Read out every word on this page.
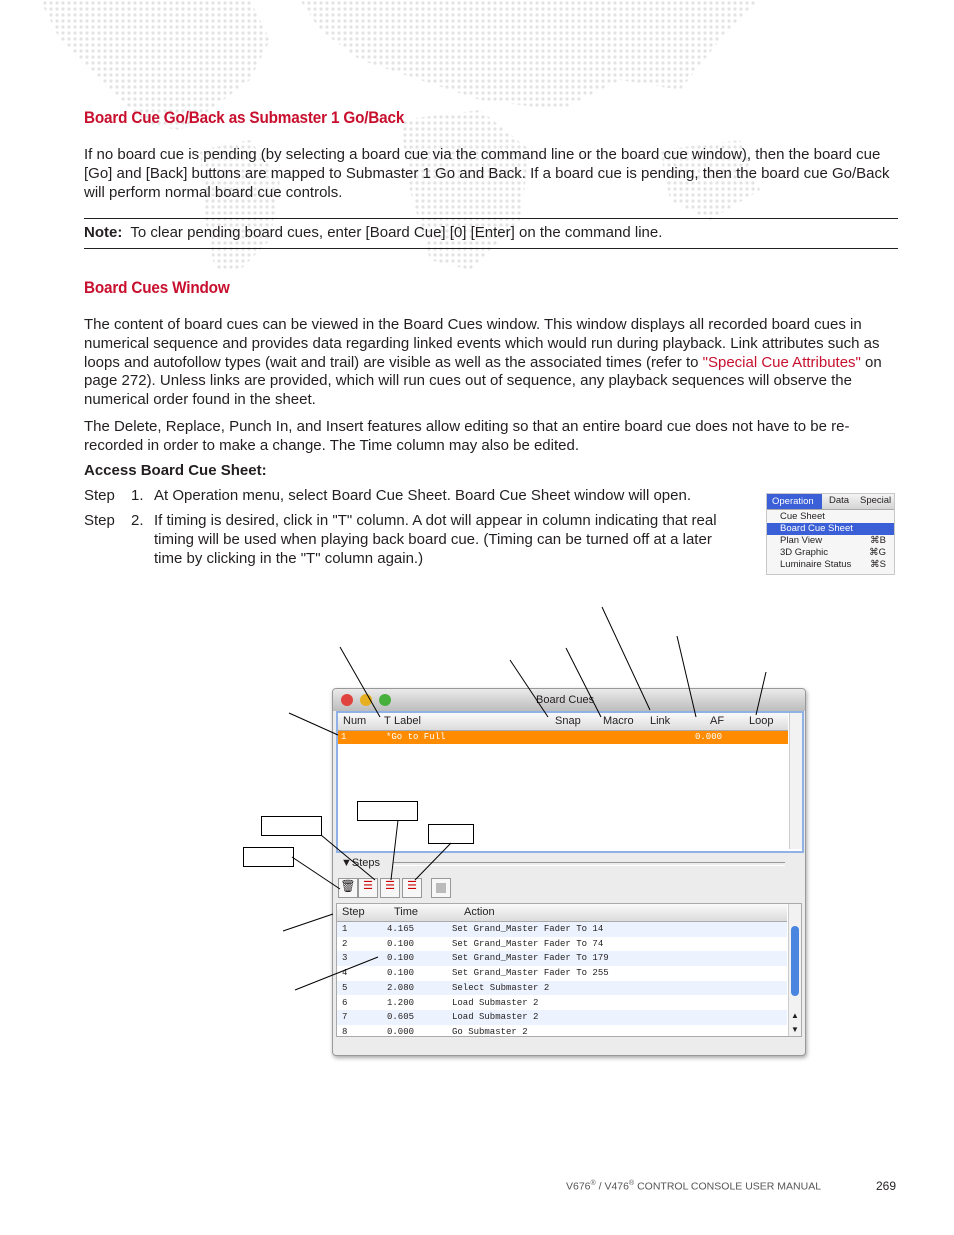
Board Cue Go/Back as Submaster 1 Go/Back

If no board cue is pending (by selecting a board cue via the command line or the board cue window), then the board cue [Go] and [Back] buttons are mapped to Submaster 1 Go and Back. If a board cue is pending, then the board cue Go/Back will perform normal board cue controls.

Note: To clear pending board cues, enter [Board Cue] [0] [Enter] on the command line.

Board Cues Window

The content of board cues can be viewed in the Board Cues window. This window displays all recorded board cues in numerical sequence and provides data regarding linked events which would run during playback. Link attributes such as loops and autofollow types (wait and trail) are visible as well as the associated times (refer to "Special Cue Attributes" on page 272). Unless links are provided, which will run cues out of sequence, any playback sequences will observe the numerical order found in the sheet.

The Delete, Replace, Punch In, and Insert features allow editing so that an entire board cue does not have to be re-recorded in order to make a change. The Time column may also be edited.

Access Board Cue Sheet:

Step 1. At Operation menu, select Board Cue Sheet. Board Cue Sheet window will open.
Step 2. If timing is desired, click in "T" column. A dot will appear in column indicating that real timing will be used when playing back board cue. (Timing can be turned off at a later time by clicking in the "T" column again.)
Operation	Data Special
Cue Sheet
Board Cue Sheet
Plan View	⌘B
3D Graphic	⌘G
Luminaire Status ⌘S
Board Cues
Num T Label	Snap Macro Link	AF Loop
1	*Go to Full	0.000
▼Steps
🗑 ☰	☰	☰
Step	Time	Action
1	4.165	Set Grand_Master Fader To 14
2	0.100	Set Grand_Master Fader To 74
3	0.100	Set Grand_Master Fader To 179
4	0.100	Set Grand_Master Fader To 255
5	2.080	Select Submaster 2
6	1.200	Load Submaster 2
7	0.605	Load Submaster 2
8	0.000	Go Submaster 2
▲
▼
V676® / V476® CONTROL CONSOLE USER MANUAL	269
